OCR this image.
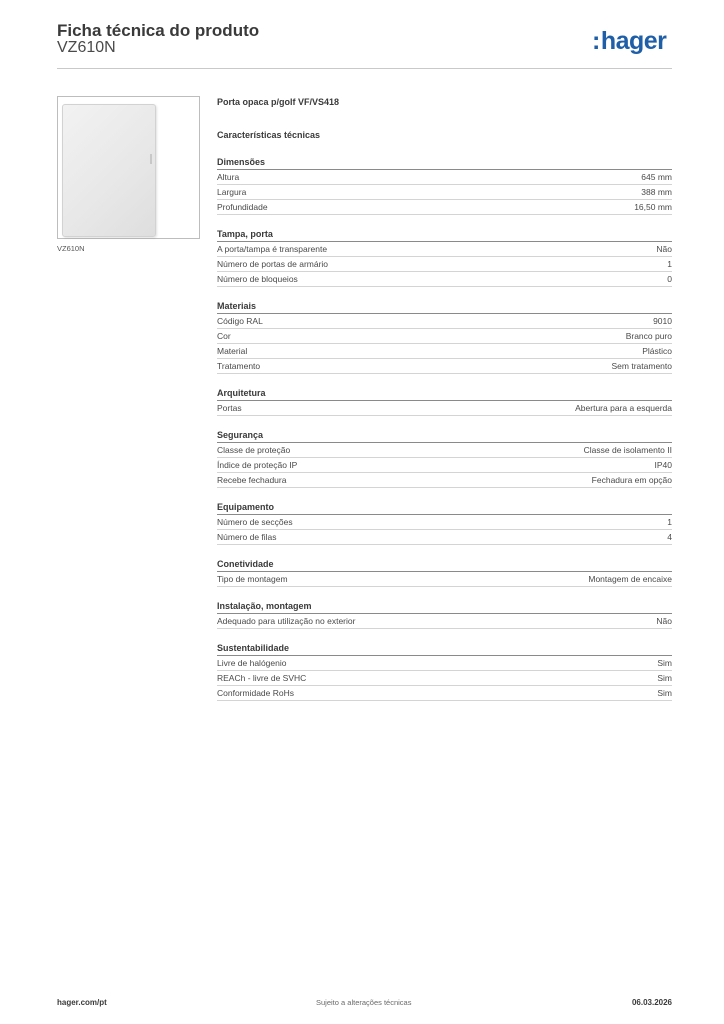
Ficha técnica do produto
VZ610N	:hager
VZ610N
Porta opaca p/golf VF/VS418
Características técnicas
Dimensões
Altura	645 mm
Largura	388 mm
Profundidade	16,50 mm
Tampa, porta
A porta/tampa é transparente	Não
Número de portas de armário	1
Número de bloqueios	0
Materiais
Código RAL	9010
Cor	Branco puro
Material	Plástico
Tratamento	Sem tratamento
Arquitetura
Portas	Abertura para a esquerda
Segurança
Classe de proteção	Classe de isolamento II
Índice de proteção IP	IP40
Recebe fechadura	Fechadura em opção
Equipamento
Número de secções	1
Número de filas	4
Conetividade
Tipo de montagem	Montagem de encaixe
Instalação, montagem
Adequado para utilização no exterior	Não
Sustentabilidade
Livre de halógenio	Sim
REACh - livre de SVHC	Sim
Conformidade RoHs	Sim
hager.com/pt	Sujeito a alterações técnicas	06.03.2026
